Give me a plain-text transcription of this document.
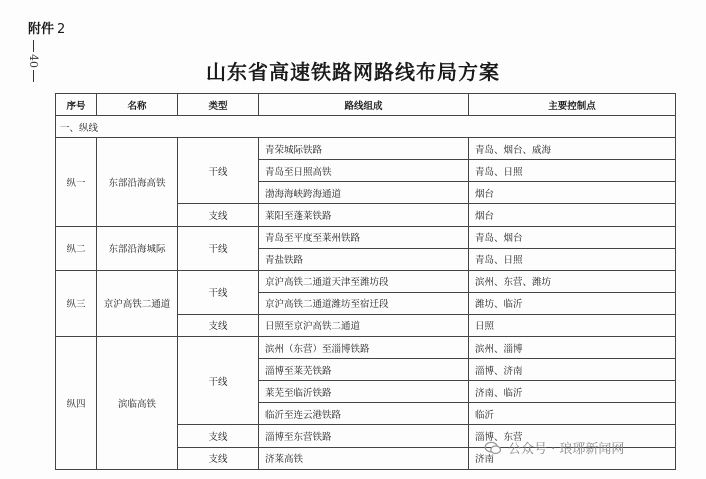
附件 2
40	山东省高速铁路网路线布局方案
序号	名称	类型	路线组成	主要控制点
一、纵线				
纵一	东部沿海高铁	干线	青荣城际铁路	青岛、烟台、威海
			青岛至日照高铁	青岛、日照
			渤海海峡跨海通道	烟台
		支线	莱阳至蓬莱铁路	烟台
纵二	东部沿海城际	干线	青岛至平度至莱州铁路	青岛、烟台
			青盐铁路	青岛、日照
纵三	京沪高铁二通道	干线	京沪高铁二通道天津至潍坊段	滨州、东营、潍坊
			京沪高铁二通道潍坊至宿迁段	潍坊、临沂
		支线	日照至京沪高铁二通道	日照
纵四	滨临高铁	干线	滨州（东营）至淄博铁路	滨州、淄博
			淄博至莱芜铁路	淄博、济南
			莱芜至临沂铁路	济南、临沂
			临沂至连云港铁路	临沂
		支线	淄博至东营铁路	淄博、东营
		支线	济莱高铁	济南
公众号 · 琅琊新闻网
